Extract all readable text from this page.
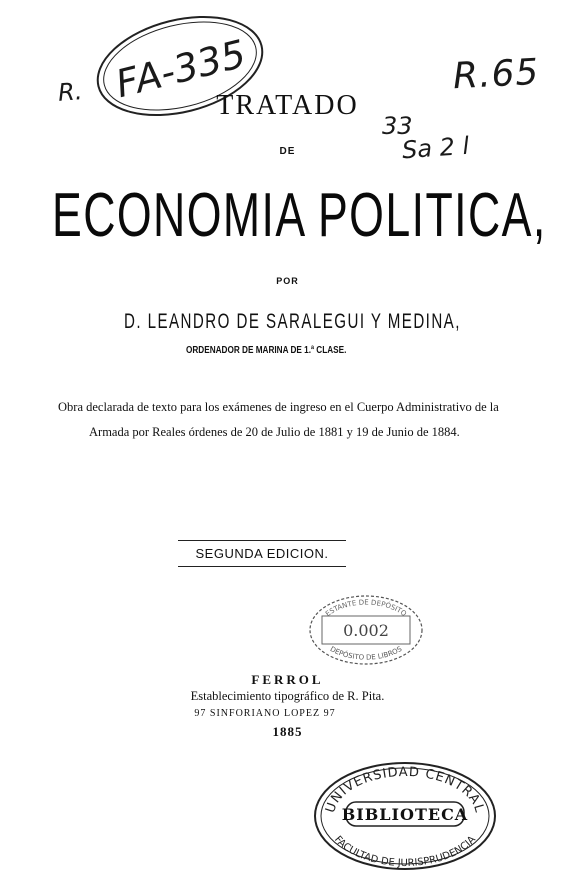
R.	R.65
33
Sa 2 l
FA-335
TRATADO
DE
ECONOMIA POLITICA,
POR
D. LEANDRO DE SARALEGUI Y MEDINA,
ORDENADOR DE MARINA DE 1.ª CLASE.
Obra declarada de texto para los exámenes de ingreso en el Cuerpo Administrativo de la
Armada por Reales órdenes de 20 de Julio de 1881 y 19 de Junio de 1884.
SEGUNDA EDICION.
ESTANTE DE DEPÓSITO
0.002
DEPÓSITO DE LIBROS
FERROL
Establecimiento tipográfico de R. Pita.
97 SINFORIANO LOPEZ 97
1885
UNIVERSIDAD CENTRAL
BIBLIOTECA
FACULTAD DE JURISPRUDENCIA
